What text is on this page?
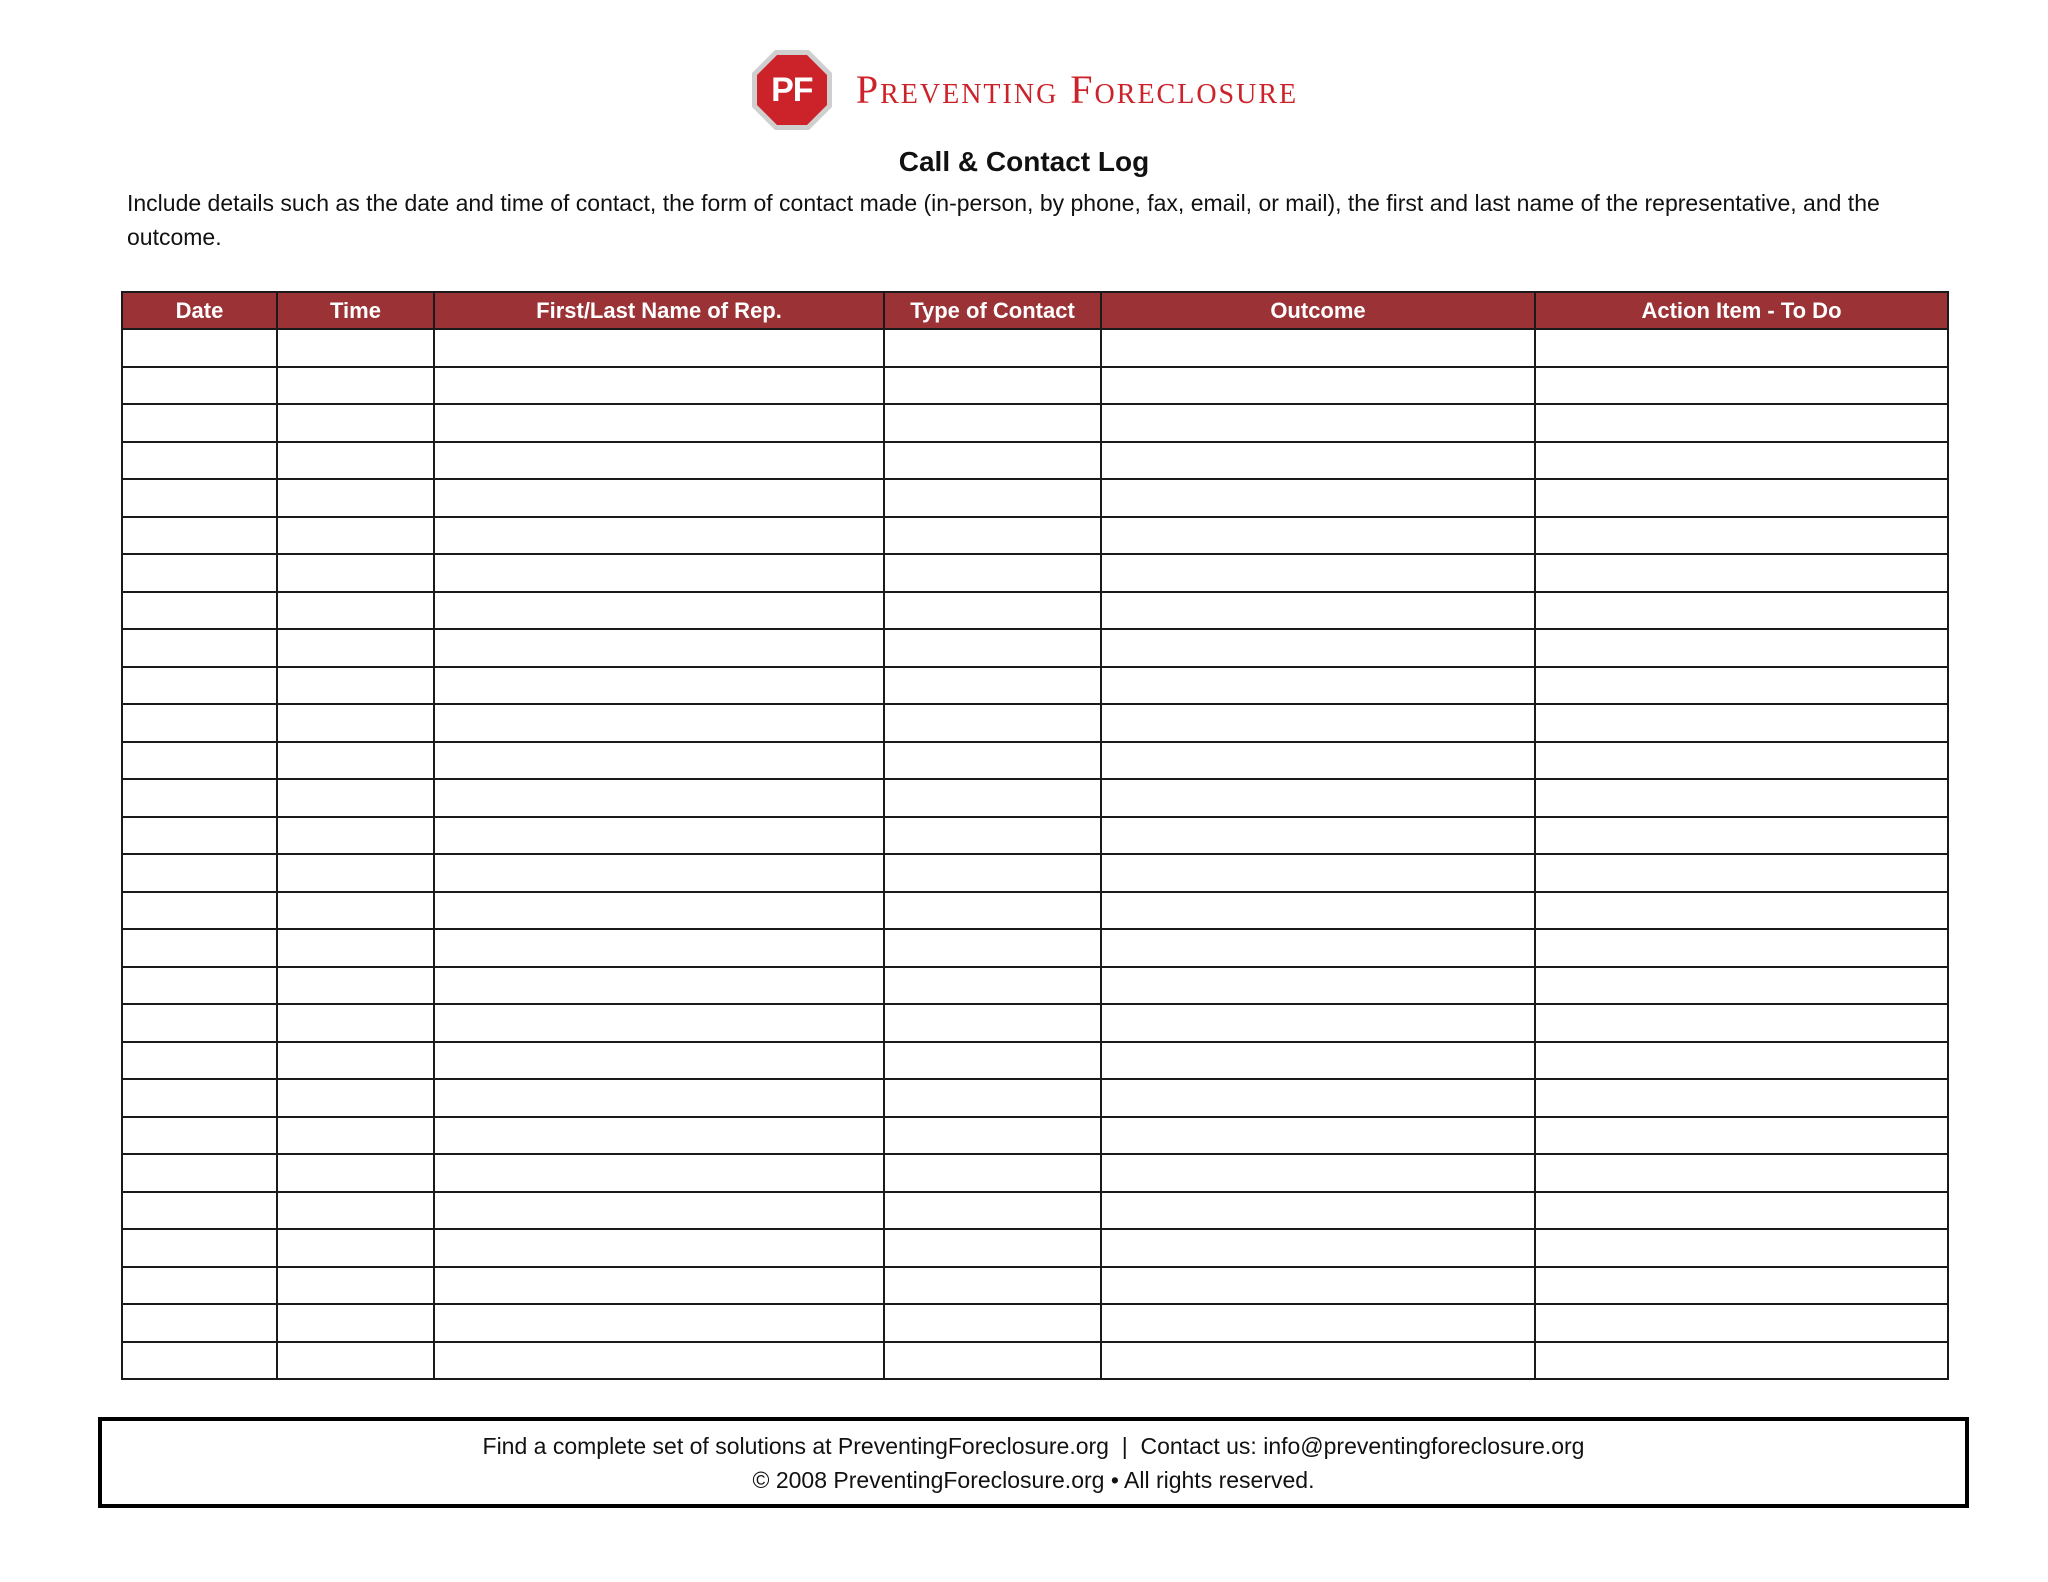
PF	Preventing Foreclosure
Call & Contact Log
Include details such as the date and time of contact, the form of contact made (in-person, by phone, fax, email, or mail), the first and last name of the representative, and the outcome.
Date	Time	First/Last Name of Rep.	Type of Contact	Outcome	Action Item - To Do

Find a complete set of solutions at PreventingForeclosure.org  |  Contact us: info@preventingforeclosure.org
© 2008 PreventingForeclosure.org • All rights reserved.
